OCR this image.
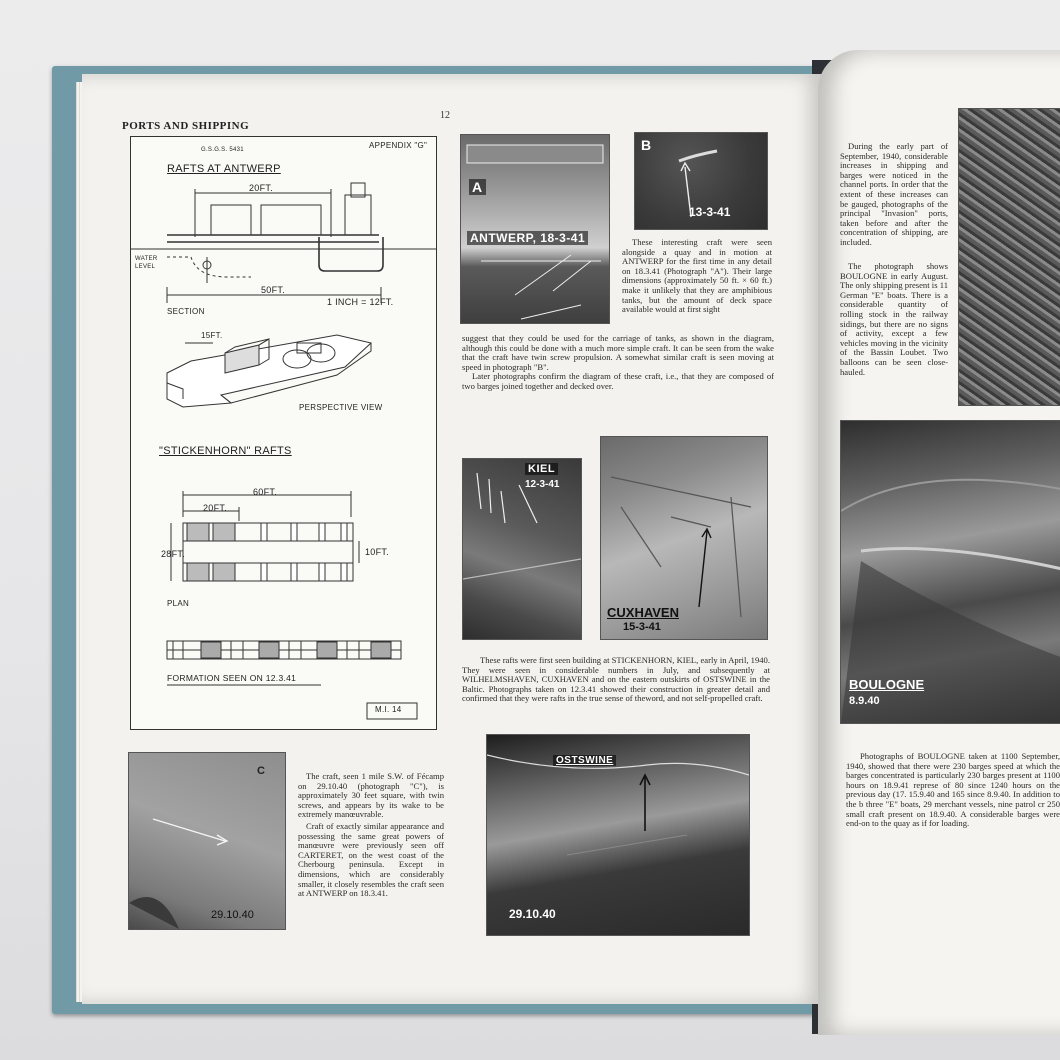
PORTS AND SHIPPING
12
G.S.G.S. 5431	APPENDIX "G"
RAFTS AT ANTWERP
20FT.
WATER LEVEL
50FT.
SECTION
1 INCH = 12FT.
15FT.
PERSPECTIVE VIEW
"STICKENHORN" RAFTS
60FT.
20FT.
28FT.	10FT.
PLAN
FORMATION SEEN ON 12.3.41
M.I. 14
A
ANTWERP, 18-3-41
B
13-3-41
These interesting craft were seen alongside a quay and in motion at ANTWERP for the first time in any detail on 18.3.41 (Photograph "A"). Their large dimensions (approximately 50 ft. × 60 ft.) make it unlikely that they are amphibious tanks, but the amount of deck space available would at first sight
suggest that they could be used for the carriage of tanks, as shown in the diagram, although this could be done with a much more simple craft. It can be seen from the wake that the craft have twin screw propulsion. A somewhat similar craft is seen moving at speed in photograph "B".
Later photographs confirm the diagram of these craft, i.e., that they are composed of two barges joined together and decked over.
KIEL
12-3-41
CUXHAVEN
15-3-41
These rafts were first seen building at STICKENHORN, KIEL, early in April, 1940. They were seen in considerable numbers in July, and subsequently at WILHELMSHAVEN, CUXHAVEN and on the eastern outskirts of OSTSWINE in the Baltic. Photographs taken on 12.3.41 showed their construction in greater detail and confirmed that they were rafts in the true sense of theword, and not self-propelled craft.
C
29.10.40
The craft, seen 1 mile S.W. of Fécamp on 29.10.40 (photograph "C"), is approximately 30 feet square, with twin screws, and appears by its wake to be extremely manœuvrable.
Craft of exactly similar appearance and possessing the same great powers of manœuvre were previously seen off CARTERET, on the west coast of the Cherbourg peninsula. Except in dimensions, which are considerably smaller, it closely resembles the craft seen at ANTWERP on 18.3.41.
OSTSWINE
29.10.40
During the early part of September, 1940, considerable increases in shipping and barges were noticed in the channel ports. In order that the extent of these increases can be gauged, photographs of the principal "Invasion" ports, taken before and after the concentration of shipping, are included.
The photograph shows BOULOGNE in early August. The only shipping present is 11 German "E" boats. There is a considerable quantity of rolling stock in the railway sidings, but there are no signs of activity, except a few vehicles moving in the vicinity of the Bassin Loubet. Two balloons can be seen close-hauled.
BOULOGNE
8.9.40
Photographs of BOULOGNE taken at 1100 September, 1940, showed that there were 230 barges speed at which the barges concentrated is particularly 230 barges present at 1100 hours on 18.9.41 represe of 80 since 1240 hours on the previous day (17. 15.9.40 and 165 since 8.9.40. In addition to the b three "E" boats, 29 merchant vessels, nine patrol cr 250 small craft present on 18.9.40. A considerable barges were end-on to the quay as if for loading.
